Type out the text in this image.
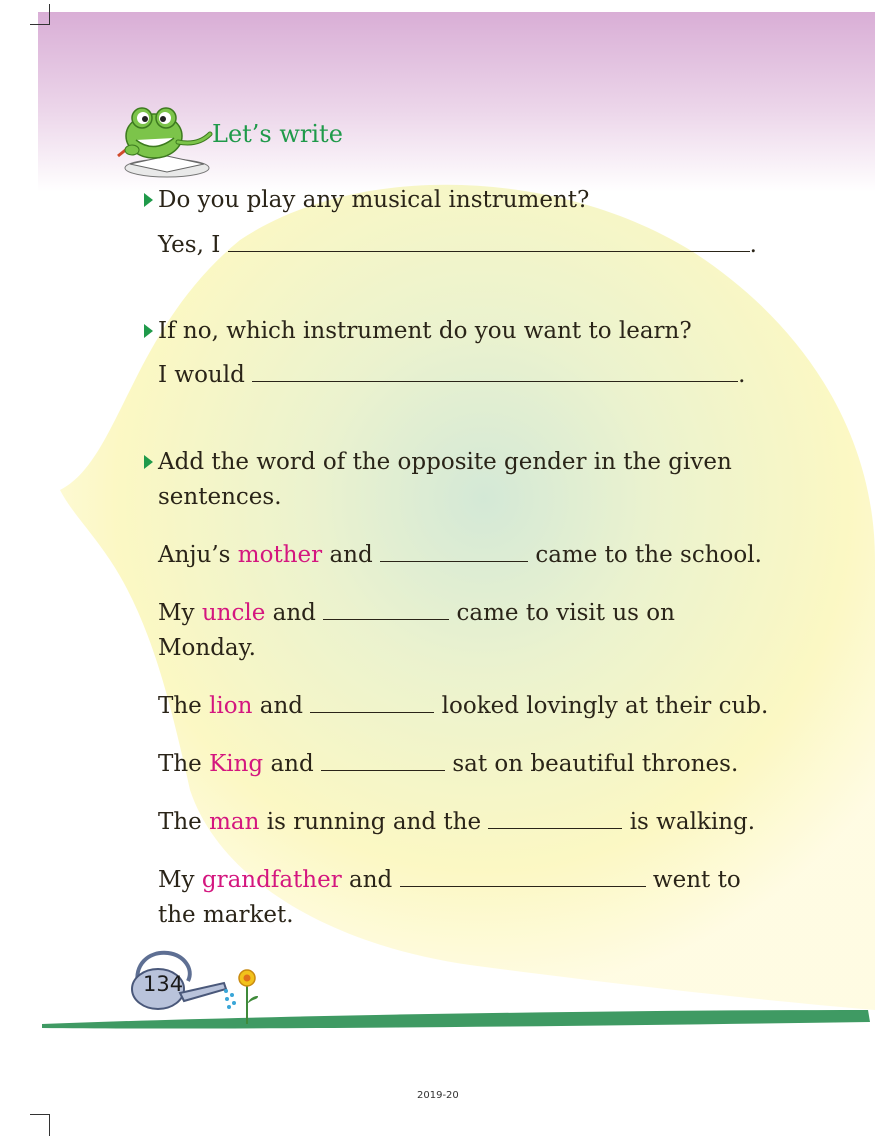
Let’s write
Do you play any musical instrument?
Yes, I	.
If no, which instrument do you want to learn?
I would	.
Add the word of the opposite gender in the given
sentences.
Anju’s mother and	came to the school.
My uncle and	came to visit us on
Monday.
The lion and	looked lovingly at their cub.
The King and	sat on beautiful thrones.
The man is running and the	is walking.
My grandfather and	went to
the market.
134
2019-20
